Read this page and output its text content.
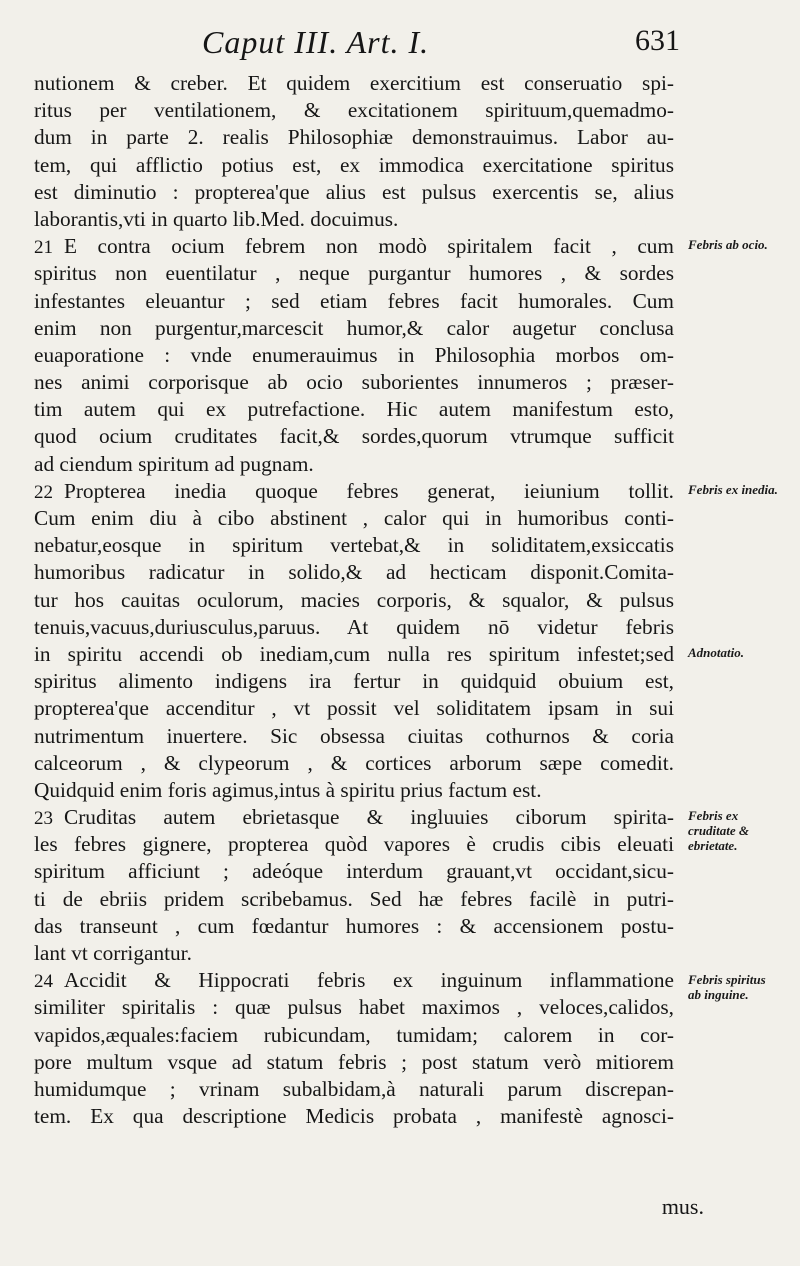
Caput III. Art. I.	631
nutionem & creber. Et quidem exercitium est conseruatio spi-
ritus per ventilationem, & excitationem spirituum,quemadmo-
dum in parte 2. realis Philosophiæ demonstrauimus. Labor au-
tem, qui afflictio potius est, ex immodica exercitatione spiritus
est diminutio : propterea'que alius est pulsus exercentis se, alius
laborantis,vti in quarto lib.Med. docuimus.
21 E contra ocium febrem non modò spiritalem facit , cum
spiritus non euentilatur , neque purgantur humores , & sordes
infestantes eleuantur ; sed etiam febres facit humorales. Cum
enim non purgentur,marcescit humor,& calor augetur conclusa
euaporatione : vnde enumerauimus in Philosophia morbos om-
nes animi corporisque ab ocio suborientes innumeros ; præser-
tim autem qui ex putrefactione. Hic autem manifestum esto,
quod ocium cruditates facit,& sordes,quorum vtrumque sufficit
ad ciendum spiritum ad pugnam.
22 Propterea inedia quoque febres generat, ieiunium tollit.
Cum enim diu à cibo abstinent , calor qui in humoribus conti-
nebatur,eosque in spiritum vertebat,& in soliditatem,exsiccatis
humoribus radicatur in solido,& ad hecticam disponit.Comita-
tur hos cauitas oculorum, macies corporis, & squalor, & pulsus
tenuis,vacuus,duriusculus,paruus. At quidem nō videtur febris
in spiritu accendi ob inediam,cum nulla res spiritum infestet;sed
spiritus alimento indigens ira fertur in quidquid obuium est,
propterea'que accenditur , vt possit vel soliditatem ipsam in sui
nutrimentum inuertere. Sic obsessa ciuitas cothurnos & coria
calceorum , & clypeorum , & cortices arborum sæpe comedit.
Quidquid enim foris agimus,intus à spiritu prius factum est.
23 Cruditas autem ebrietasque & ingluuies ciborum spirita-
les febres gignere, propterea quòd vapores è crudis cibis eleuati
spiritum afficiunt ; adeóque interdum grauant,vt occidant,sicu-
ti de ebriis pridem scribebamus. Sed hæ febres facilè in putri-
das transeunt , cum fœdantur humores : & accensionem postu-
lant vt corrigantur.
24 Accidit & Hippocrati febris ex inguinum inflammatione
similiter spiritalis : quæ pulsus habet maximos , veloces,calidos,
vapidos,æquales:faciem rubicundam, tumidam; calorem in cor-
pore multum vsque ad statum febris ; post statum verò mitiorem
humidumque ; vrinam subalbidam,à naturali parum discrepan-
tem. Ex qua descriptione Medicis probata , manifestè agnosci-
Febris ab ocio.
Febris ex inedia.
Adnotatio.
Febris ex cruditate & ebrietate.
Febris spiritus ab inguine.
mus.
